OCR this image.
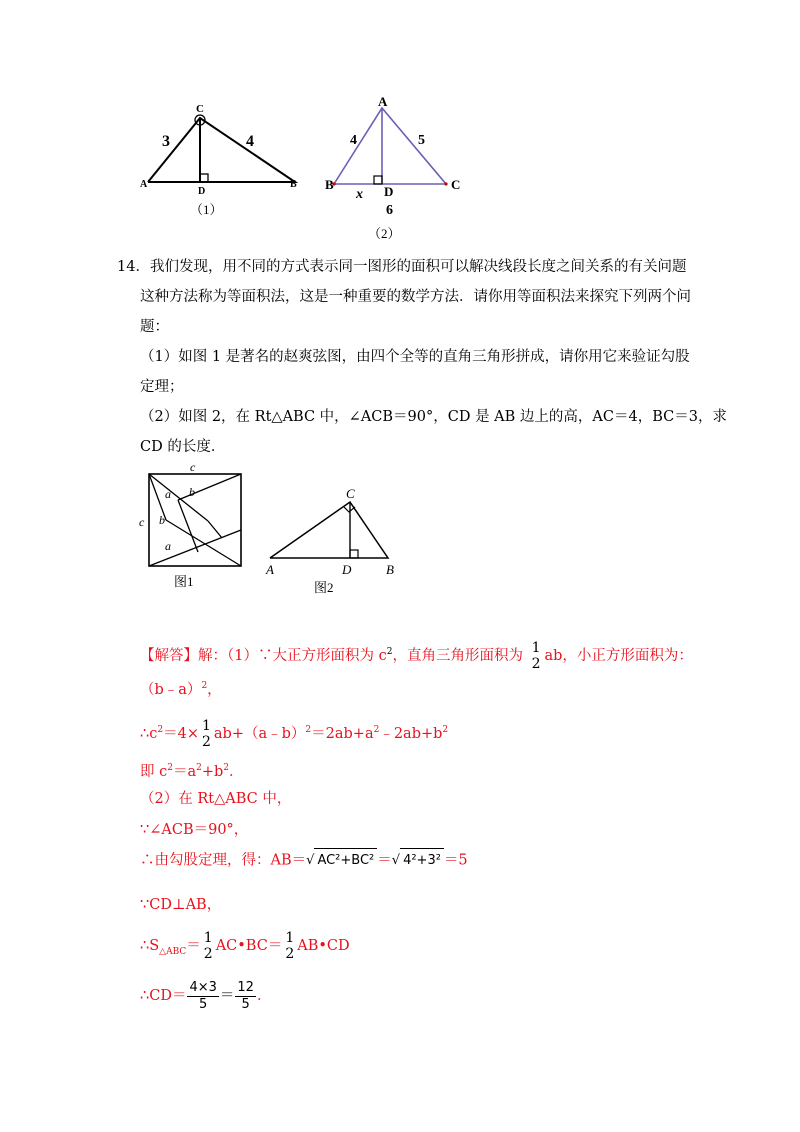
C
A
D
B
3	4
（1）
A
B	C
D
4	5
x
6
（2）
14．我们发现，用不同的方式表示同一图形的面积可以解决线段长度之间关系的有关问题
这种方法称为等面积法，这是一种重要的数学方法．请你用等面积法来探究下列两个问
题：
（1）如图 1 是著名的赵爽弦图，由四个全等的直角三角形拼成，请你用它来验证勾股
定理；
（2）如图 2，在 Rt△ABC 中，∠ACB＝90°，CD 是 AB 边上的高，AC＝4，BC＝3，求
CD 的长度．
c
c
a b
b
a
图1
C
A	D	B
图2
【解答】解：（1）∵大正方形面积为 $c^2$，直角三角形面积为 1
2 ab，小正方形面积为：
（b﹣a）$^2$，
$\therefore c^2=4\times 1$
2 $ab+(a﹣b)^2=2ab+a^2﹣2ab+b^2$
即 $c^2=a^2+b^2$．
（2）在 Rt△ABC 中，
∵∠ACB＝90°，
∴由勾股定理，得：AB＝√ AC²+BC² ＝√ 4²+3² ＝5
∵CD⊥AB，
$\therefore S_{\triangle ABC}= 1$
2 AC•BC＝ 1
2 AB•CD
∴CD＝ $\frac{4\times 3}{5} = \frac{12}{5}$ ．
